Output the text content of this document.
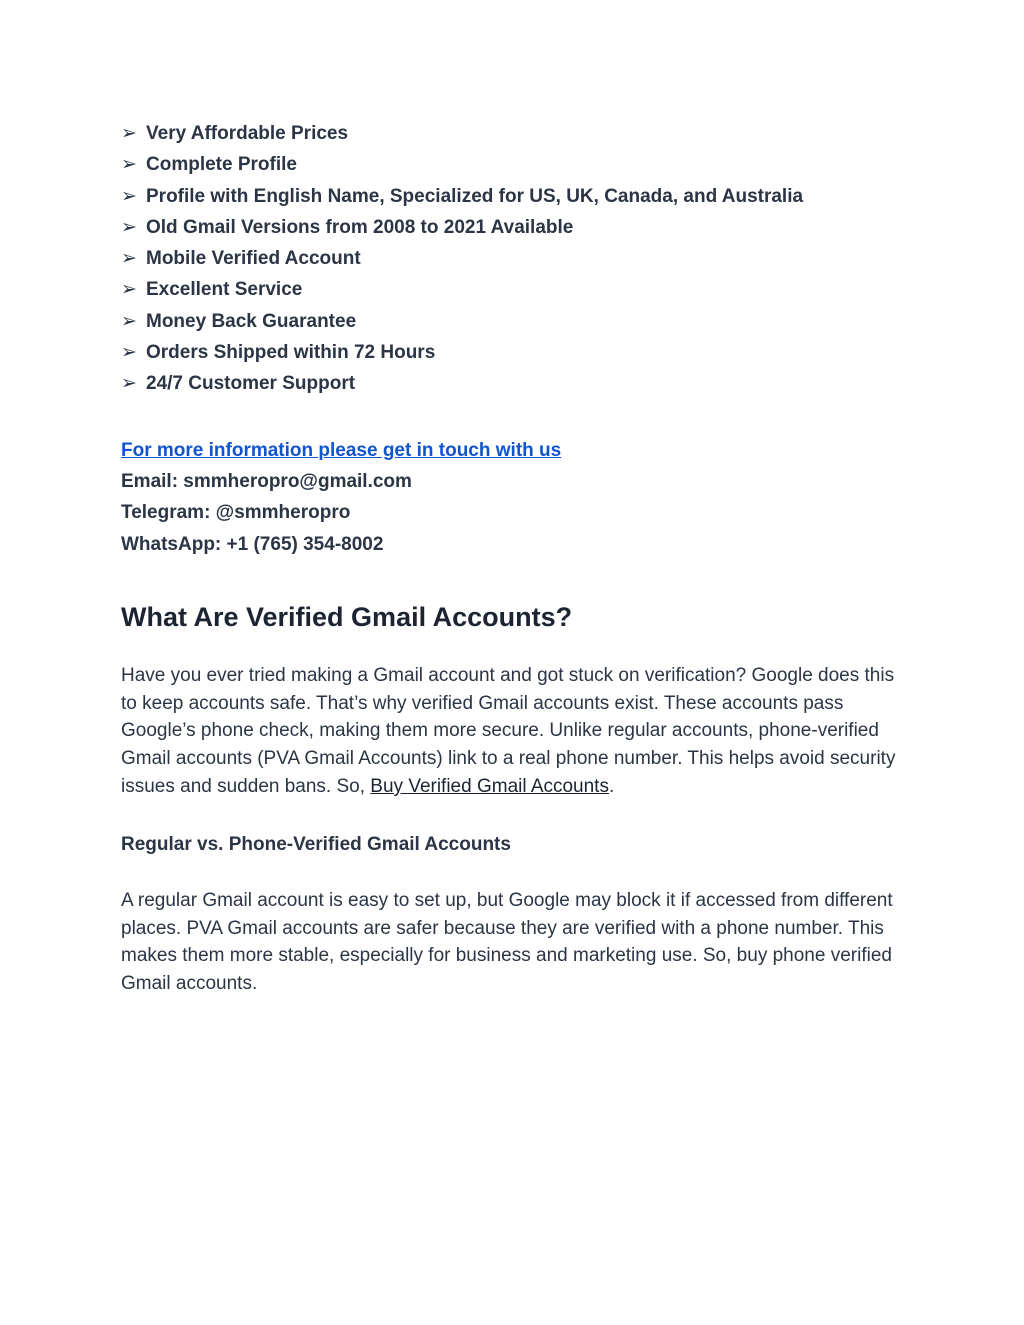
➢ Very Affordable Prices
➢ Complete Profile
➢ Profile with English Name, Specialized for US, UK, Canada, and Australia
➢ Old Gmail Versions from 2008 to 2021 Available
➢ Mobile Verified Account
➢ Excellent Service
➢ Money Back Guarantee
➢ Orders Shipped within 72 Hours
➢ 24/7 Customer Support
For more information please get in touch with us
Email: smmheropro@gmail.com
Telegram: @smmheropro
WhatsApp: +1 (765) 354-8002
What Are Verified Gmail Accounts?

Have you ever tried making a Gmail account and got stuck on verification? Google does this to keep accounts safe. That’s why verified Gmail accounts exist. These accounts pass Google’s phone check, making them more secure. Unlike regular accounts, phone-verified Gmail accounts (PVA Gmail Accounts) link to a real phone number. This helps avoid security issues and sudden bans. So, Buy Verified Gmail Accounts.

Regular vs. Phone-Verified Gmail Accounts

A regular Gmail account is easy to set up, but Google may block it if accessed from different places. PVA Gmail accounts are safer because they are verified with a phone number. This makes them more stable, especially for business and marketing use. So, buy phone verified Gmail accounts.
